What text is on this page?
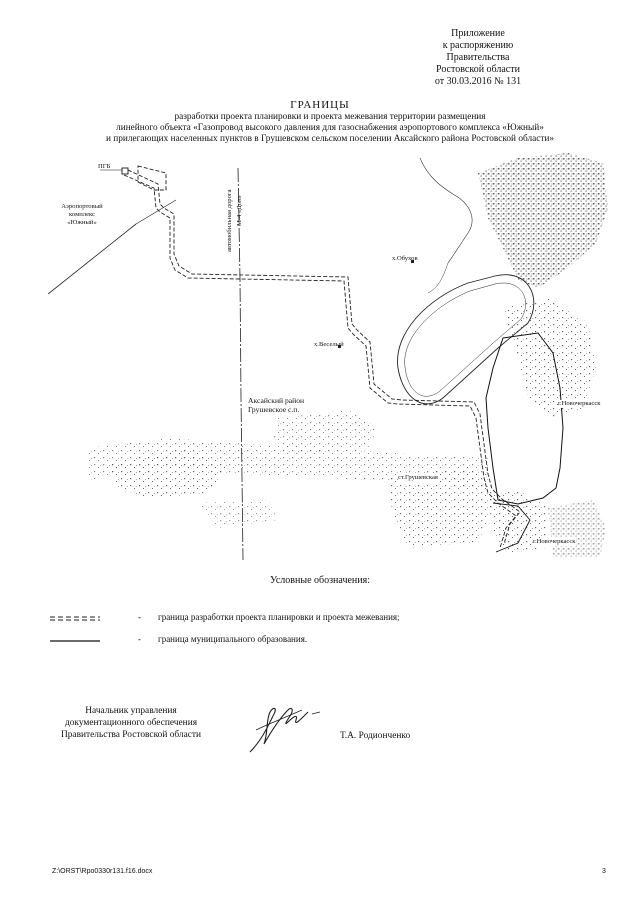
Приложение
к распоряжению
Правительства
Ростовской области
от 30.03.2016 № 131
ГРАНИЦЫ
разработки проекта планировки и проекта межевания территории размещения
линейного объекта «Газопровод высокого давления для газоснабжения аэропортового комплекса «Южный»
и прилегающих населенных пунктов в Грушевском сельском поселении Аксайского района Ростовской области»
ПГБ
Аэропортовый
комплекс
«Южный»	автомобильная дорога М-4 «Дон»
х.Обухов
х.Веселый
Аксайский район
Грушевское с.п.
г.Новочеркасск
ст.Грушевская
г.Новочеркасск
Условные обозначения:
- граница разработки проекта планировки и проекта межевания;
- граница муниципального образования.
Начальник управления
документационного обеспечения
Правительства Ростовской области	Т.А. Родионченко
Z:\ORST\Rpo0330r131.f16.docx	3
